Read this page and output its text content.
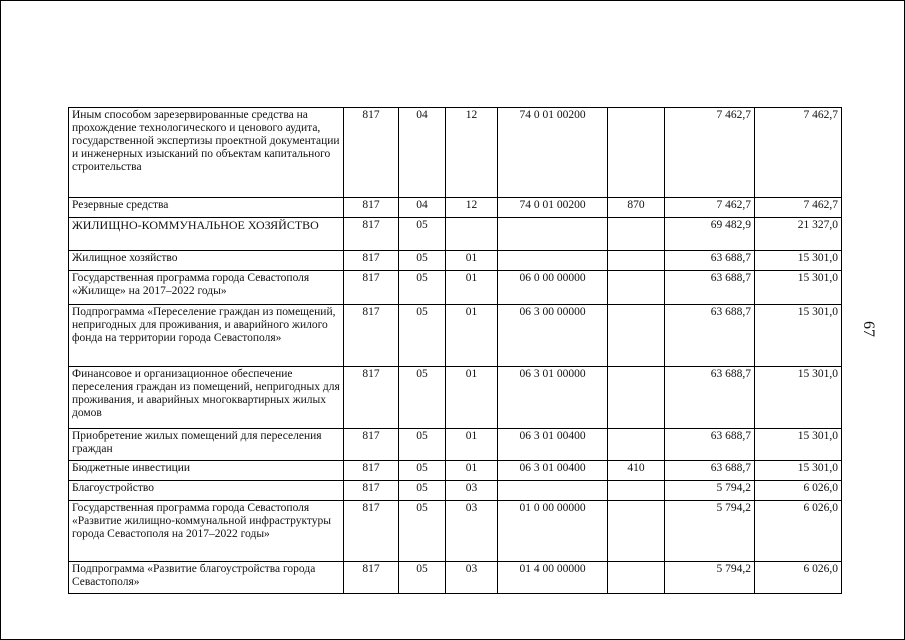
Иным способом зарезервированные средства на прохождение технологического и ценового аудита, государственной экспертизы проектной документации и инженерных изысканий по объектам капитального строительства	817	04	12	74 0 01 00200		7 462,7	7 462,7
Резервные средства	817	04	12	74 0 01 00200	870	7 462,7	7 462,7
ЖИЛИЩНО-КОММУНАЛЬНОЕ ХОЗЯЙСТВО	817	05				69 482,9	21 327,0
Жилищное хозяйство	817	05	01			63 688,7	15 301,0
Государственная программа города Севастополя «Жилище» на 2017–2022 годы»	817	05	01	06 0 00 00000		63 688,7	15 301,0
Подпрограмма «Переселение граждан из помещений, непригодных для проживания, и аварийного жилого фонда на территории города Севастополя»	817	05	01	06 3 00 00000		63 688,7	15 301,0
Финансовое и организационное обеспечение переселения граждан из помещений, непригодных для проживания, и аварийных многоквартирных жилых домов	817	05	01	06 3 01 00000		63 688,7	15 301,0
Приобретение жилых помещений для переселения граждан	817	05	01	06 3 01 00400		63 688,7	15 301,0
Бюджетные инвестиции	817	05	01	06 3 01 00400	410	63 688,7	15 301,0
Благоустройство	817	05	03			5 794,2	6 026,0
Государственная программа города Севастополя «Развитие жилищно-коммунальной инфраструктуры города Севастополя на 2017–2022 годы»	817	05	03	01 0 00 00000		5 794,2	6 026,0
Подпрограмма «Развитие благоустройства города Севастополя»	817	05	03	01 4 00 00000		5 794,2	6 026,0
67
